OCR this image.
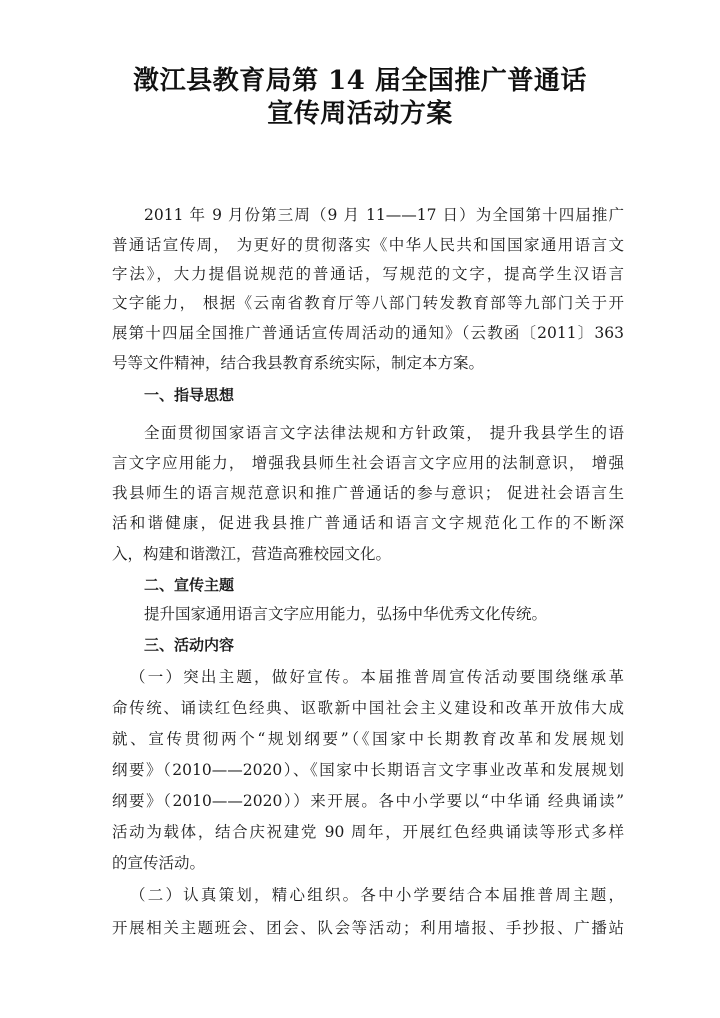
澂江县教育局第 14 届全国推广普通话
宣传周活动方案
2011 年 9 月份第三周（9 月 11——17 日）为全国第十四届推广
普通话宣传周， 为更好的贯彻落实《中华人民共和国国家通用语言文
字法》，大力提倡说规范的普通话，写规范的文字，提高学生汉语言
文字能力， 根据《云南省教育厅等八部门转发教育部等九部门关于开
展第十四届全国推广普通话宣传周活动的通知》（云教函〔2011〕363
号等文件精神，结合我县教育系统实际，制定本方案。
一、指导思想
全面贯彻国家语言文字法律法规和方针政策， 提升我县学生的语
言文字应用能力， 增强我县师生社会语言文字应用的法制意识， 增强
我县师生的语言规范意识和推广普通话的参与意识； 促进社会语言生
活和谐健康，促进我县推广普通话和语言文字规范化工作的不断深
入，构建和谐澂江，营造高雅校园文化。
二、宣传主题
提升国家通用语言文字应用能力，弘扬中华优秀文化传统。
三、活动内容
（一）突出主题，做好宣传。本届推普周宣传活动要围绕继承革
命传统、诵读红色经典、讴歌新中国社会主义建设和改革开放伟大成
就、宣传贯彻两个“规划纲要”（《国家中长期教育改革和发展规划
纲要》（2010——2020）、《国家中长期语言文字事业改革和发展规划
纲要》（2010——2020））来开展。各中小学要以“中华诵 经典诵读”
活动为载体，结合庆祝建党 90 周年，开展红色经典诵读等形式多样
的宣传活动。
（二）认真策划，精心组织。各中小学要结合本届推普周主题，
开展相关主题班会、团会、队会等活动；利用墙报、手抄报、广播站
